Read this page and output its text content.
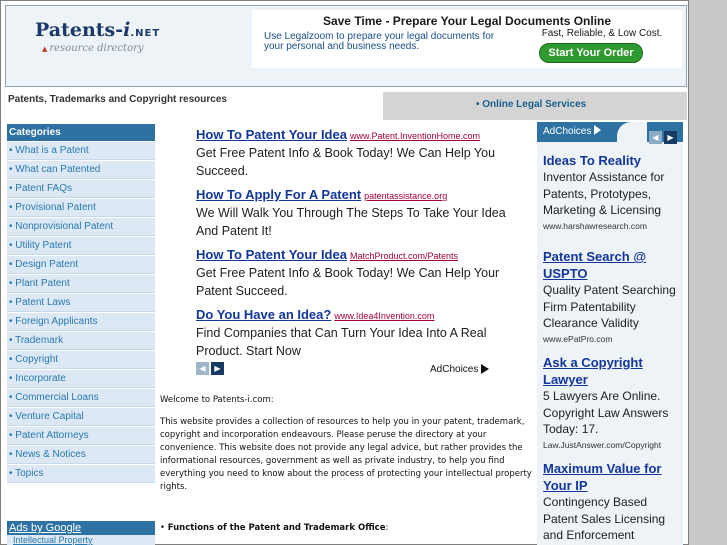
Patents-i.NET
▲ resource directory
Save Time - Prepare Your Legal Documents Online
Use Legalzoom to prepare your legal documents for your personal and business needs.
Fast, Reliable, & Low Cost.
Start Your Order
Patents, Trademarks and Copyright resources	• Online Legal Services
Categories
• What is a Patent
• What can Patented
• Patent FAQs
• Provisional Patent
• Nonprovisional Patent
• Utility Patent
• Design Patent
• Plant Patent
• Patent Laws
• Foreign Applicants
• Trademark
• Copyright
• Incorporate
• Commercial Loans
• Venture Capital
• Patent Attorneys
• News & Notices
• Topics
Ads by Google
Intellectual Property
How To Patent Your Idea www.Patent.InventionHome.com
Get Free Patent Info & Book Today! We Can Help You Succeed.
How To Apply For A Patent patentassistance.org
We Will Walk You Through The Steps To Take Your Idea And Patent It!
How To Patent Your Idea MatchProduct.com/Patents
Get Free Patent Info & Book Today! We Can Help Your Patent Succeed.
Do You Have an Idea? www.Idea4Invention.com
Find Companies that Can Turn Your Idea Into A Real Product. Start Now
◀ ▶	AdChoices

Welcome to Patents-i.com:

This website provides a collection of resources to help you in your patent, trademark, copyright and incorporation endeavours. Please peruse the directory at your convenience. This website does not provide any legal advice, but rather provides the informational resources, government as well as private industry, to help you find everything you need to know about the process of protecting your intellectual property rights.

• Functions of the Patent and Trademark Office:

AdChoices
◀ ▶
Ideas To Reality
Inventor Assistance for Patents, Prototypes, Marketing & Licensing
www.harshawresearch.com
Patent Search @ USPTO
Quality Patent Searching Firm Patentability Clearance Validity
www.ePatPro.com
Ask a Copyright Lawyer
5 Lawyers Are Online. Copyright Law Answers Today: 17.
Law.JustAnswer.com/Copyright
Maximum Value for Your IP
Contingency Based Patent Sales Licensing and Enforcement
